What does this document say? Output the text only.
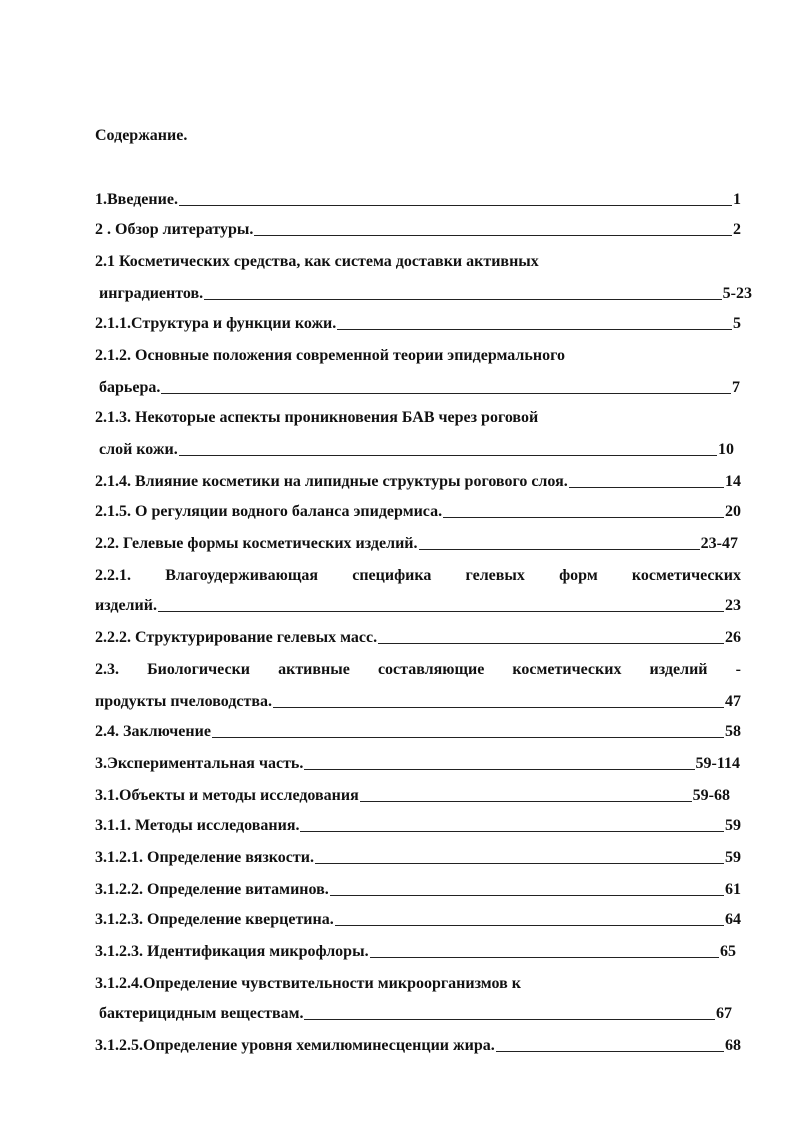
Содержание.
1.Введение.	1
2 . Обзор литературы.	2
2.1 Косметических средства, как система доставки активных
ингрaдиентов.	5-23
2.1.1.Структура и функции кожи.	5
2.1.2. Основные положения современной теории эпидермального
барьера.	7
2.1.3. Некоторые аспекты проникновения БАВ через роговой
слой кожи.	10
2.1.4. Влияние косметики на липидные структуры рогового слоя.	14
2.1.5. О регуляции водного баланса эпидермиса.	20
2.2. Гелевые формы косметических изделий.	23-47
2.2.1. Влагоудерживающая специфика гелевых форм косметических
изделий.	23
2.2.2. Структурирование гелевых масс.	26
2.3. Биологически активные составляющие косметических изделий -
продукты пчеловодства.	47
2.4. Заключение	58
3.Экспериментальная часть.	59-114
3.1.Объекты и методы исследования	59-68
3.1.1. Методы исследования.	59
3.1.2.1. Определение вязкости.	59
3.1.2.2. Определение витаминов.	61
3.1.2.3. Определение кверцетина.	64
3.1.2.3. Идентификация микрофлоры.	65
3.1.2.4.Определение чувствительности микроорганизмов к
бактерицидным веществам.	67
3.1.2.5.Определение уровня хемилюминесценции жира.	68
